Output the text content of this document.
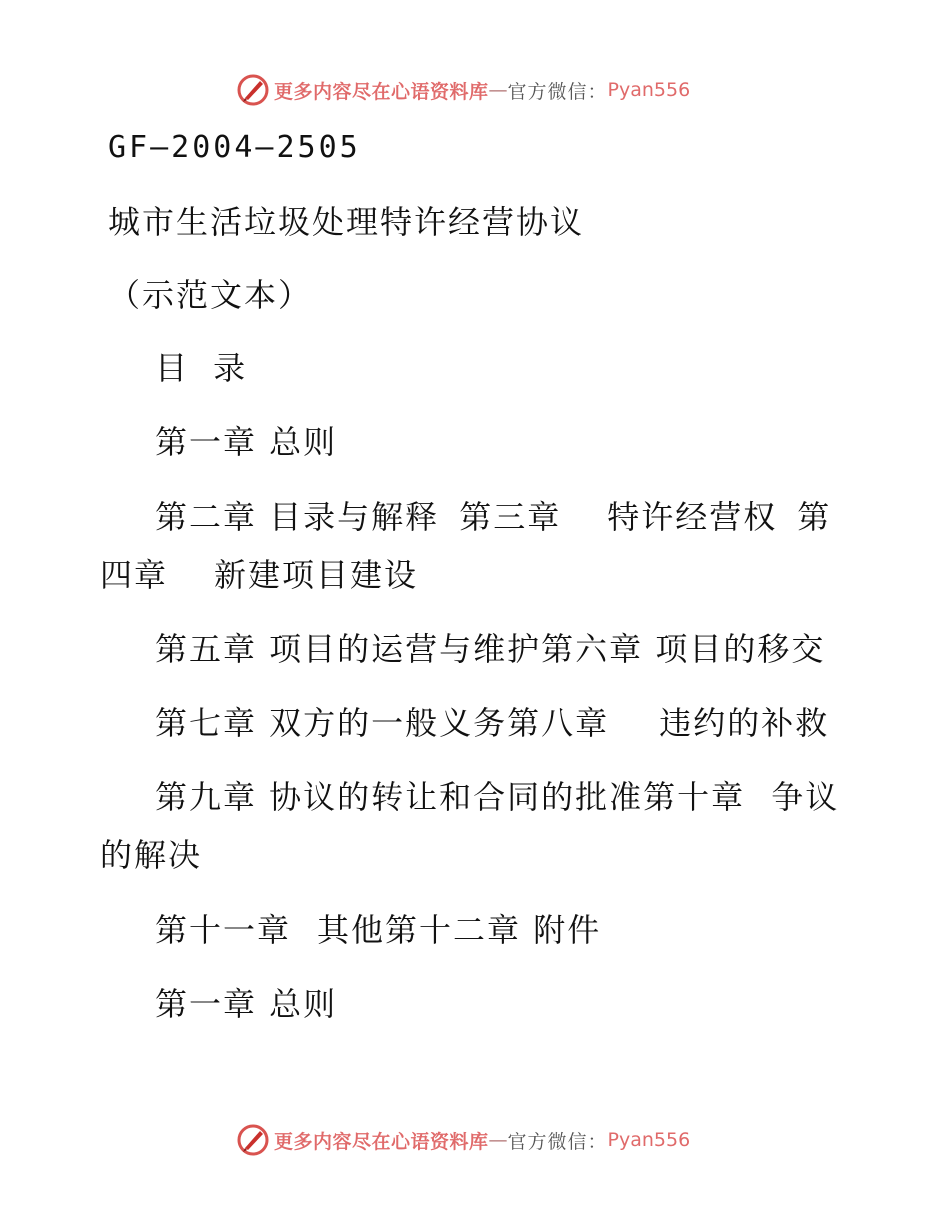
更多内容尽在心语资料库 — 官方微信： Pyan556
GF—2004—2505
城市生活垃圾处理特许经营协议
（示范文本）
目 录
第一章 总则
第二章 目录与解释 第三章 特许经营权 第
四章 新建项目建设
第五章 项目的运营与维护第六章 项目的移交
第七章 双方的一般义务第八章 违约的补救
第九章 协议的转让和合同的批准第十章 争议
的解决
第十一章 其他第十二章 附件
第一章 总则
更多内容尽在心语资料库 — 官方微信： Pyan556
